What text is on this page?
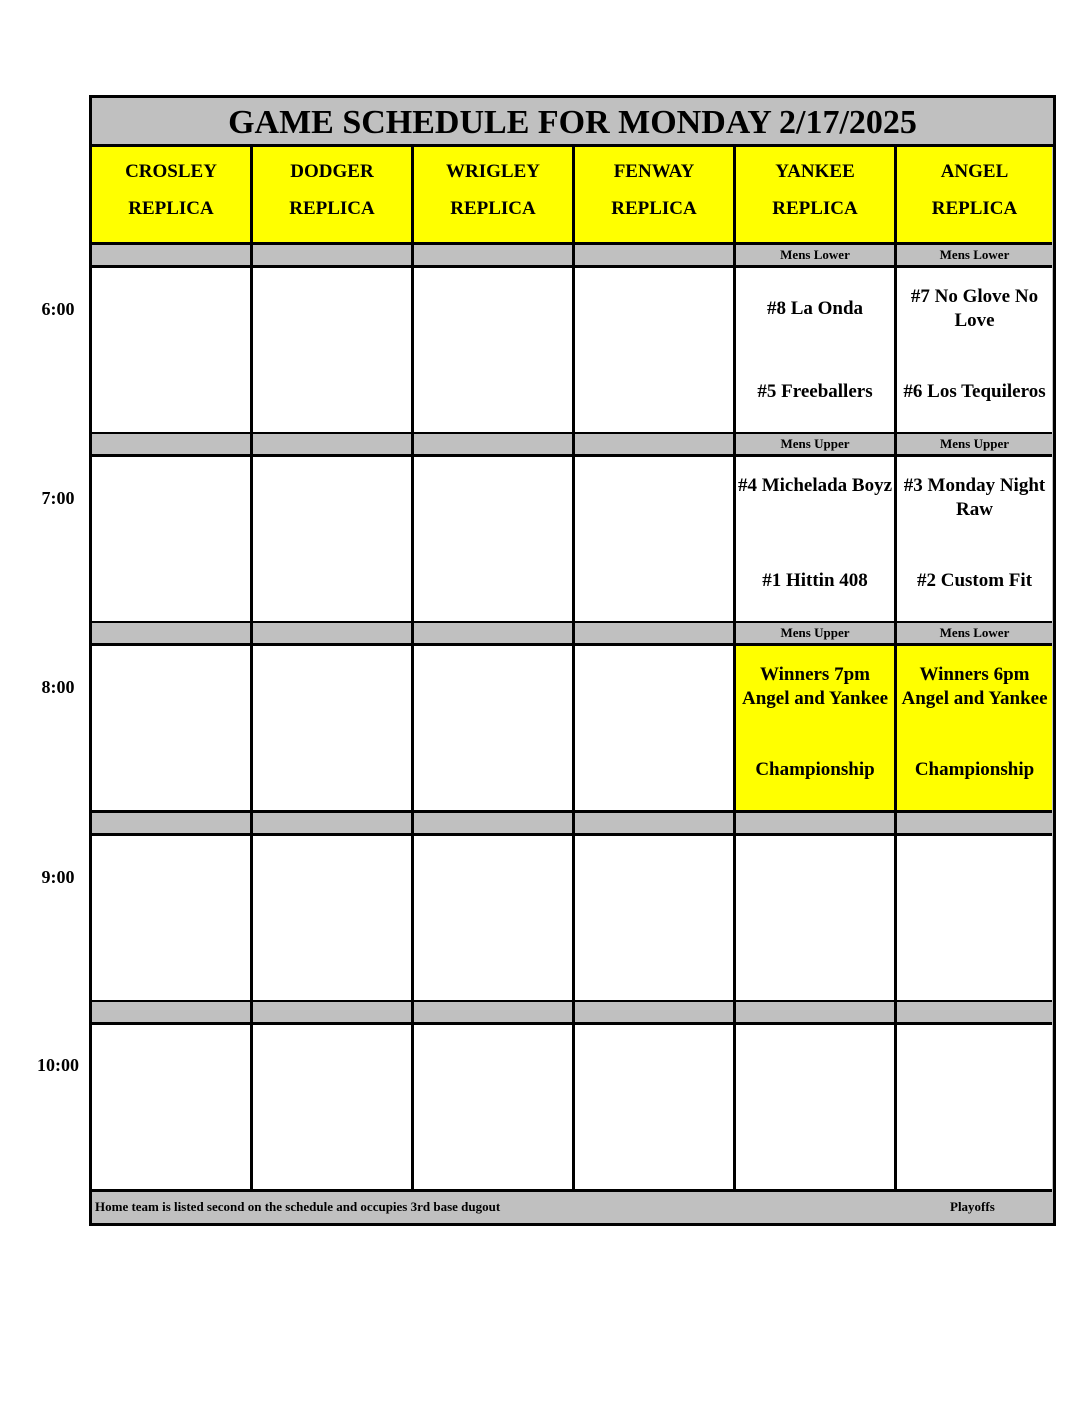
6:00
7:00
8:00
9:00
10:00
GAME SCHEDULE FOR MONDAY 2/17/2025
Home team is listed second on the schedule and occupies 3rd base dugout	Playoffs
CROSLEY
REPLICA
DODGER
REPLICA
WRIGLEY
REPLICA
FENWAY
REPLICA
YANKEE
REPLICA
ANGEL
REPLICA
Mens Lower
#8 La Onda
#5 Freeballers
Mens Lower
#7 No Glove No Love
#6 Los Tequileros
Mens Upper
#4 Michelada Boyz
#1 Hittin 408
Mens Upper
#3 Monday Night Raw
#2 Custom Fit
Mens Upper
Winners 7pm Angel and Yankee
Championship
Mens Lower
Winners 6pm Angel and Yankee
Championship
